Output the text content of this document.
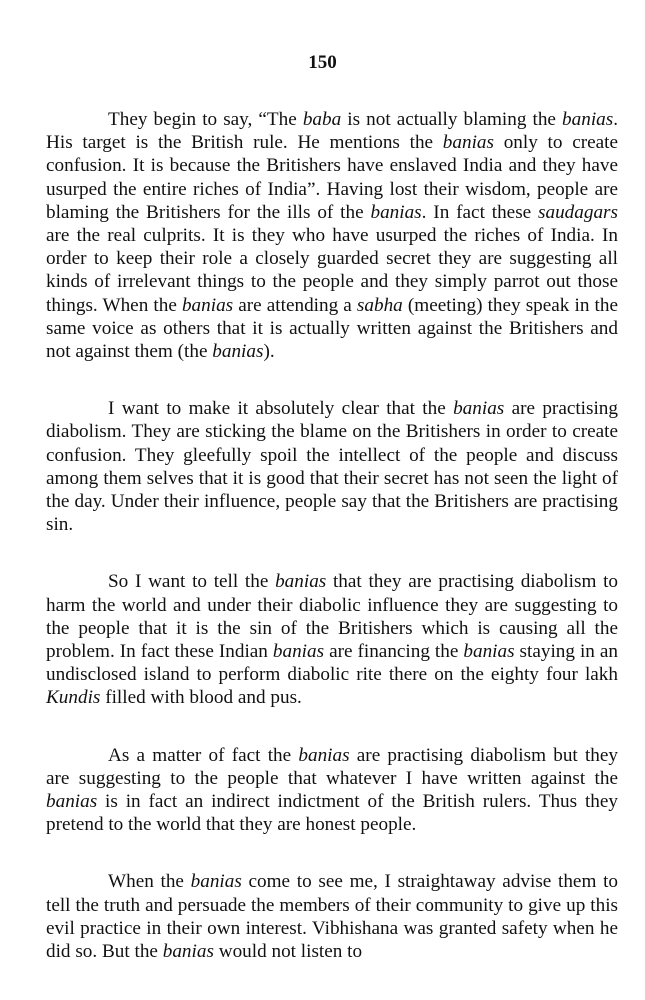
150

They begin to say, “The baba is not actually blaming the banias. His target is the British rule. He mentions the banias only to create confusion. It is because the Britishers have enslaved India and they have usurped the entire riches of India”. Having lost their wisdom, people are blaming the Britishers for the ills of the banias. In fact these saudagars are the real culprits. It is they who have usurped the riches of India. In order to keep their role a closely guarded secret they are suggesting all kinds of irrelevant things to the people and they simply parrot out those things. When the banias are attending a sabha (meeting) they speak in the same voice as others that it is actually written against the Britishers and not against them (the banias).

I want to make it absolutely clear that the banias are practising diabolism. They are sticking the blame on the Britishers in order to create confusion. They gleefully spoil the intellect of the people and discuss among them selves that it is good that their secret has not seen the light of the day. Under their influence, people say that the Britishers are practising sin.

So I want to tell the banias that they are practising diabolism to harm the world and under their diabolic influence they are suggesting to the people that it is the sin of the Britishers which is causing all the problem. In fact these Indian banias are financing the banias staying in an undisclosed island to perform diabolic rite there on the eighty four lakh Kundis filled with blood and pus.

As a matter of fact the banias are practising diabolism but they are suggesting to the people that whatever I have written against the banias is in fact an indirect indictment of the British rulers. Thus they pretend to the world that they are honest people.

When the banias come to see me, I straightaway advise them to tell the truth and persuade the members of their community to give up this evil practice in their own interest. Vibhishana was granted safety when he did so. But the banias would not listen to
